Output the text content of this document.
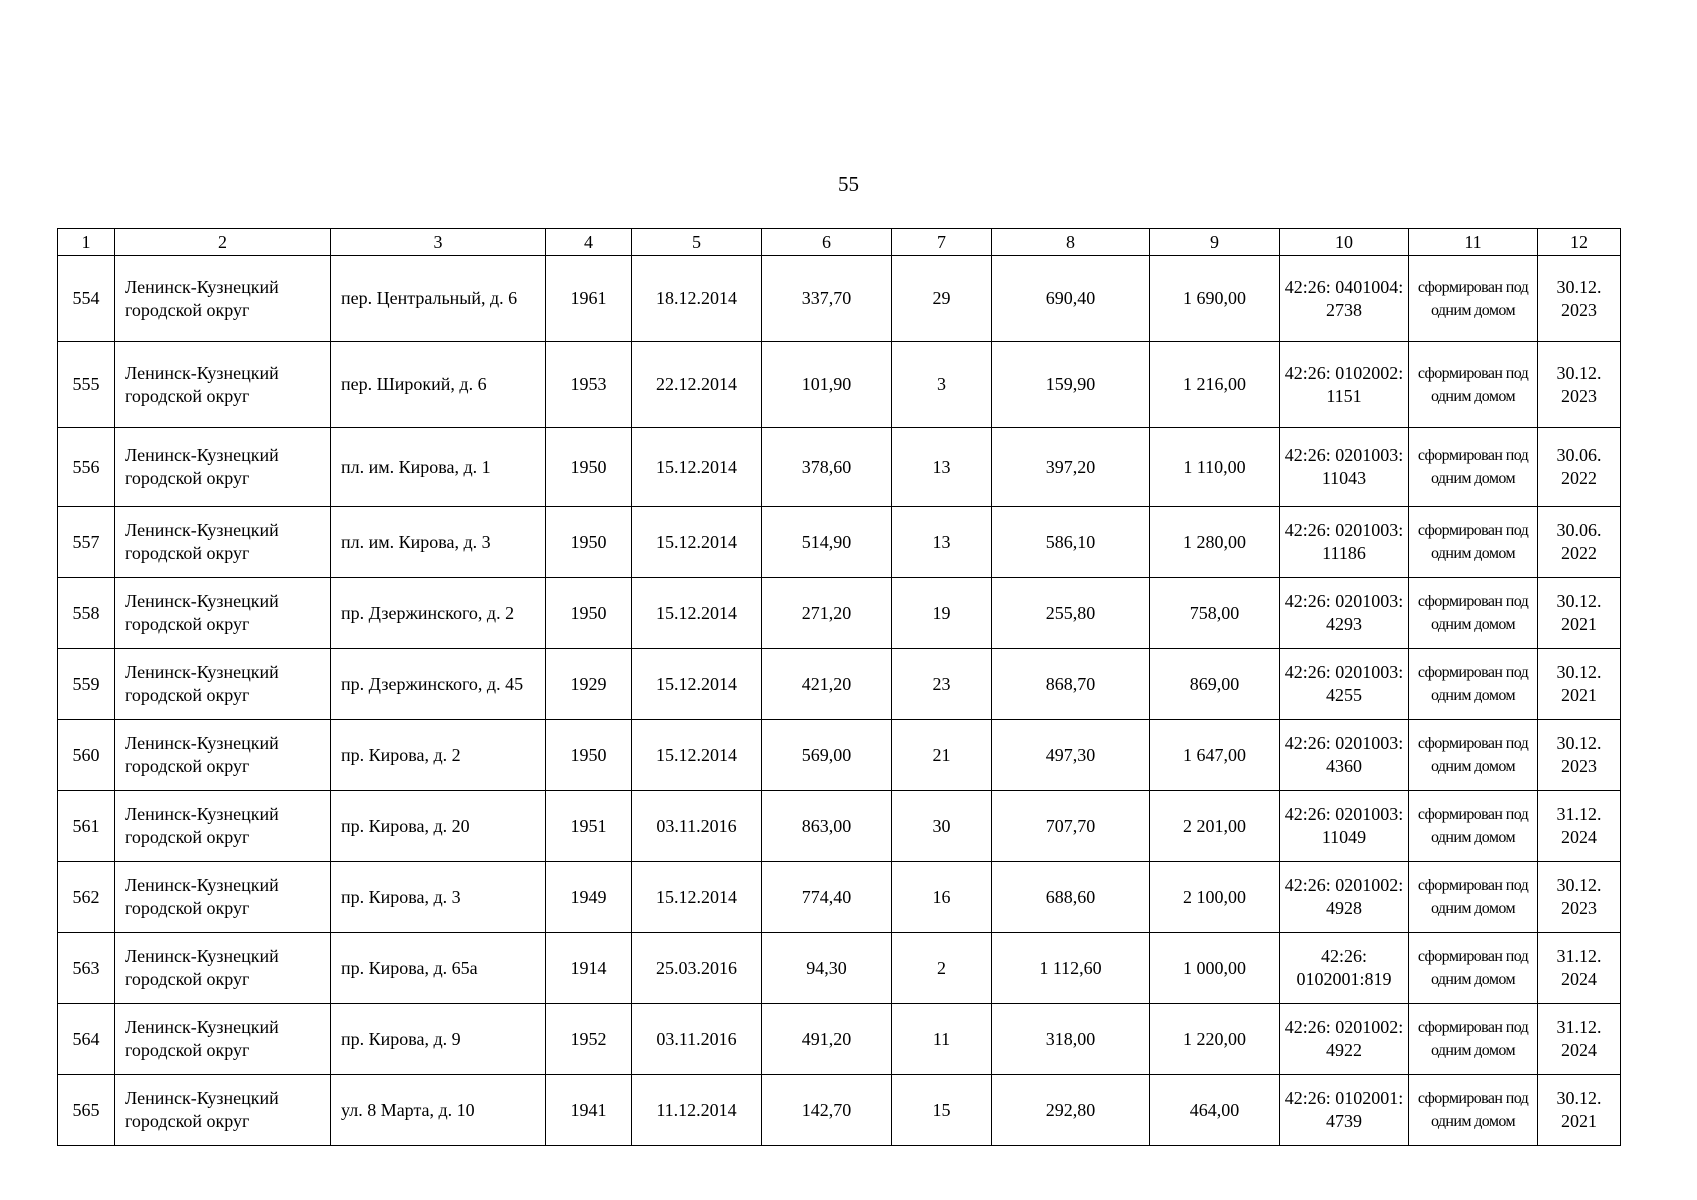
55
1	2	3	4	5	6	7	8	9	10	11	12
554	Ленинск-Кузнецкий городской округ	пер. Центральный, д. 6	1961	18.12.2014	337,70	29	690,40	1 690,00	42:26: 0401004: 2738	сформирован под одним домом	30.12. 2023
555	Ленинск-Кузнецкий городской округ	пер. Широкий, д. 6	1953	22.12.2014	101,90	3	159,90	1 216,00	42:26: 0102002: 1151	сформирован под одним домом	30.12. 2023
556	Ленинск-Кузнецкий городской округ	пл. им. Кирова, д. 1	1950	15.12.2014	378,60	13	397,20	1 110,00	42:26: 0201003: 11043	сформирован под одним домом	30.06. 2022
557	Ленинск-Кузнецкий городской округ	пл. им. Кирова, д. 3	1950	15.12.2014	514,90	13	586,10	1 280,00	42:26: 0201003: 11186	сформирован под одним домом	30.06. 2022
558	Ленинск-Кузнецкий городской округ	пр. Дзержинского, д. 2	1950	15.12.2014	271,20	19	255,80	758,00	42:26: 0201003: 4293	сформирован под одним домом	30.12. 2021
559	Ленинск-Кузнецкий городской округ	пр. Дзержинского, д. 45	1929	15.12.2014	421,20	23	868,70	869,00	42:26: 0201003: 4255	сформирован под одним домом	30.12. 2021
560	Ленинск-Кузнецкий городской округ	пр. Кирова, д. 2	1950	15.12.2014	569,00	21	497,30	1 647,00	42:26: 0201003: 4360	сформирован под одним домом	30.12. 2023
561	Ленинск-Кузнецкий городской округ	пр. Кирова, д. 20	1951	03.11.2016	863,00	30	707,70	2 201,00	42:26: 0201003: 11049	сформирован под одним домом	31.12. 2024
562	Ленинск-Кузнецкий городской округ	пр. Кирова, д. 3	1949	15.12.2014	774,40	16	688,60	2 100,00	42:26: 0201002: 4928	сформирован под одним домом	30.12. 2023
563	Ленинск-Кузнецкий городской округ	пр. Кирова, д. 65а	1914	25.03.2016	94,30	2	1 112,60	1 000,00	42:26: 0102001:819	сформирован под одним домом	31.12. 2024
564	Ленинск-Кузнецкий городской округ	пр. Кирова, д. 9	1952	03.11.2016	491,20	11	318,00	1 220,00	42:26: 0201002: 4922	сформирован под одним домом	31.12. 2024
565	Ленинск-Кузнецкий городской округ	ул. 8 Марта, д. 10	1941	11.12.2014	142,70	15	292,80	464,00	42:26: 0102001: 4739	сформирован под одним домом	30.12. 2021
